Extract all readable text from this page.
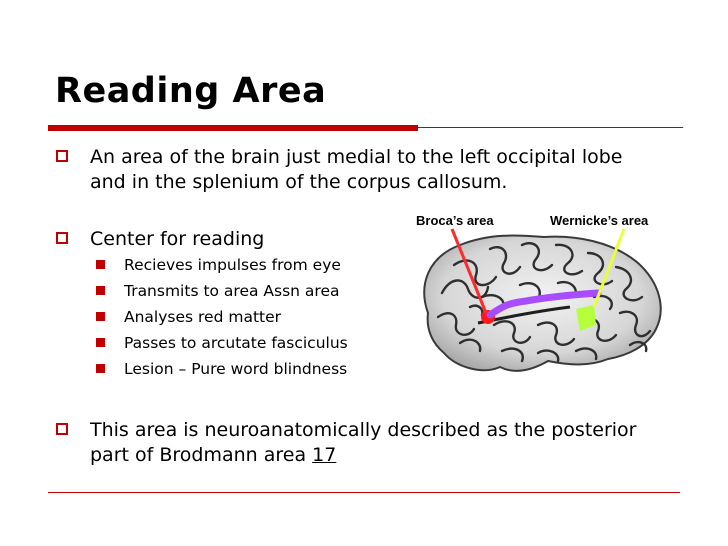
Reading Area

An area of the brain just medial to the left occipital lobe

and in the splenium of the corpus callosum.

Center for reading

Recieves impulses from eye

Transmits to area Assn area

Analyses red matter

Passes to arcutate fasciculus

Lesion – Pure word blindness

This area is neuroanatomically described as the posterior

part of Brodmann area 17

Broca’s area	Wernicke’s area
